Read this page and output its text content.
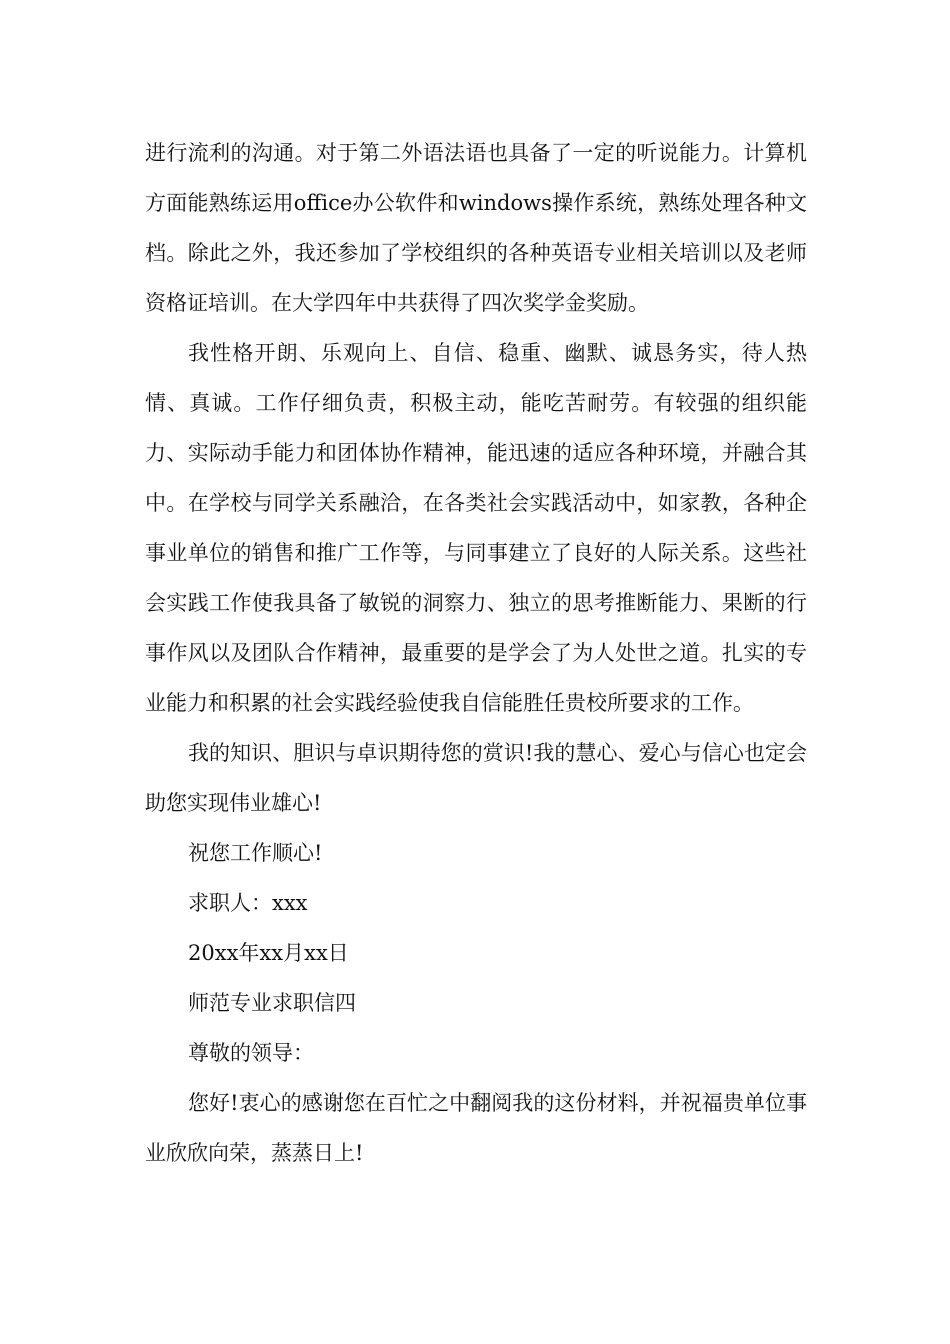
进行流利的沟通。对于第二外语法语也具备了一定的听说能力。计算机方面能熟练运用office办公软件和windows操作系统，熟练处理各种文档。除此之外，我还参加了学校组织的各种英语专业相关培训以及老师资格证培训。在大学四年中共获得了四次奖学金奖励。

我性格开朗、乐观向上、自信、稳重、幽默、诚恳务实，待人热情、真诚。工作仔细负责，积极主动，能吃苦耐劳。有较强的组织能力、实际动手能力和团体协作精神，能迅速的适应各种环境，并融合其中。在学校与同学关系融洽，在各类社会实践活动中，如家教，各种企事业单位的销售和推广工作等，与同事建立了良好的人际关系。这些社会实践工作使我具备了敏锐的洞察力、独立的思考推断能力、果断的行事作风以及团队合作精神，最重要的是学会了为人处世之道。扎实的专业能力和积累的社会实践经验使我自信能胜任贵校所要求的工作。

我的知识、胆识与卓识期待您的赏识!我的慧心、爱心与信心也定会助您实现伟业雄心!

祝您工作顺心!

求职人：xxx

20xx年xx月xx日

师范专业求职信四

尊敬的领导：

您好!衷心的感谢您在百忙之中翻阅我的这份材料，并祝福贵单位事业欣欣向荣，蒸蒸日上!
